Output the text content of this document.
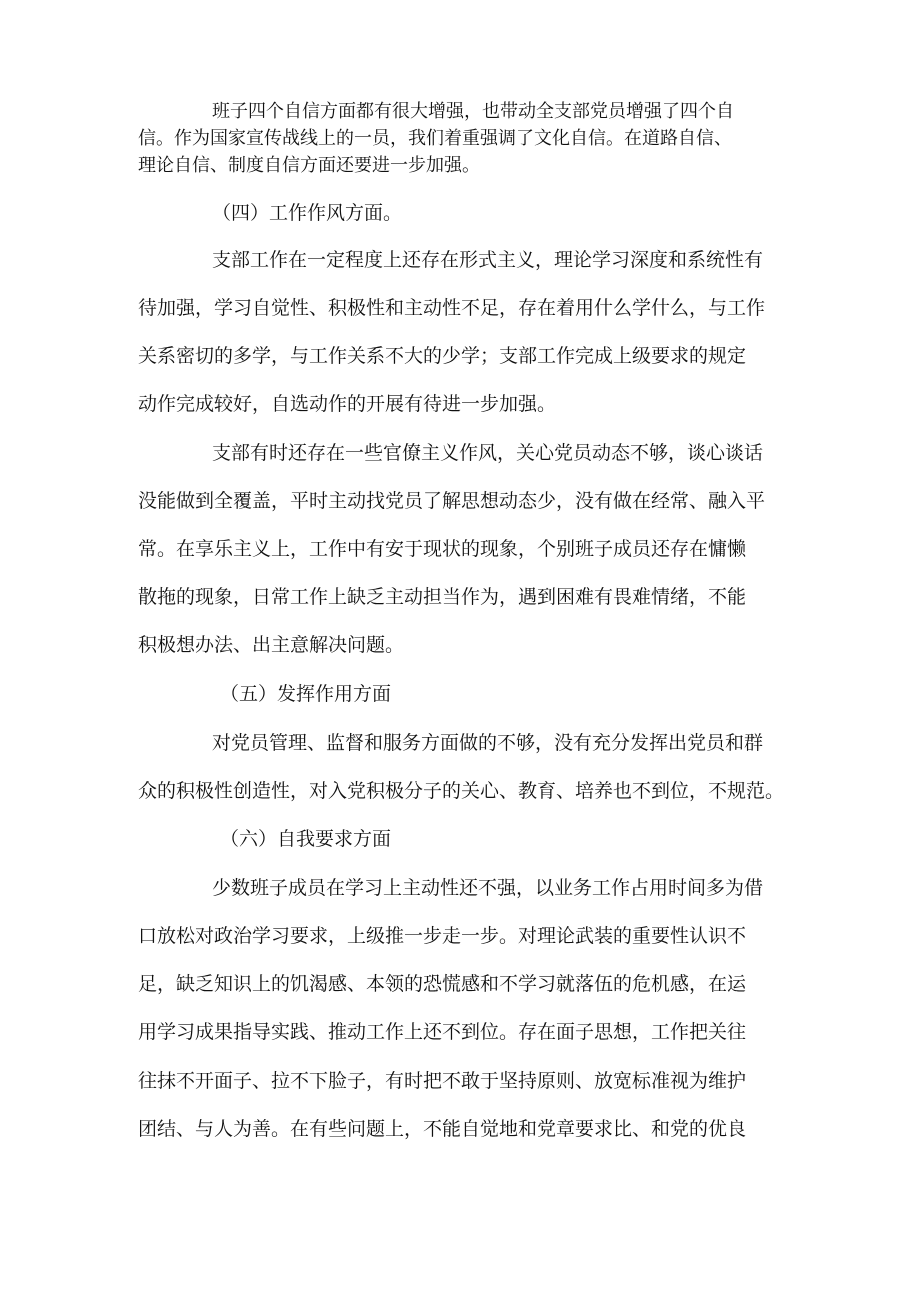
班子四个自信方面都有很大增强，也带动全支部党员增强了四个自

信。作为国家宣传战线上的一员，我们着重强调了文化自信。在道路自信、

理论自信、制度自信方面还要进一步加强。

（四）工作作风方面。

支部工作在一定程度上还存在形式主义，理论学习深度和系统性有

待加强，学习自觉性、积极性和主动性不足，存在着用什么学什么，与工作

关系密切的多学，与工作关系不大的少学；支部工作完成上级要求的规定

动作完成较好，自选动作的开展有待进一步加强。

支部有时还存在一些官僚主义作风，关心党员动态不够，谈心谈话

没能做到全覆盖，平时主动找党员了解思想动态少，没有做在经常、融入平

常。在享乐主义上，工作中有安于现状的现象，个别班子成员还存在慵懒

散拖的现象，日常工作上缺乏主动担当作为，遇到困难有畏难情绪，不能

积极想办法、出主意解决问题。

（五）发挥作用方面

对党员管理、监督和服务方面做的不够，没有充分发挥出党员和群

众的积极性创造性，对入党积极分子的关心、教育、培养也不到位，不规范。

（六）自我要求方面

少数班子成员在学习上主动性还不强，以业务工作占用时间多为借

口放松对政治学习要求，上级推一步走一步。对理论武装的重要性认识不

足，缺乏知识上的饥渴感、本领的恐慌感和不学习就落伍的危机感，在运

用学习成果指导实践、推动工作上还不到位。存在面子思想，工作把关往

往抹不开面子、拉不下脸子，有时把不敢于坚持原则、放宽标准视为维护

团结、与人为善。在有些问题上，不能自觉地和党章要求比、和党的优良
